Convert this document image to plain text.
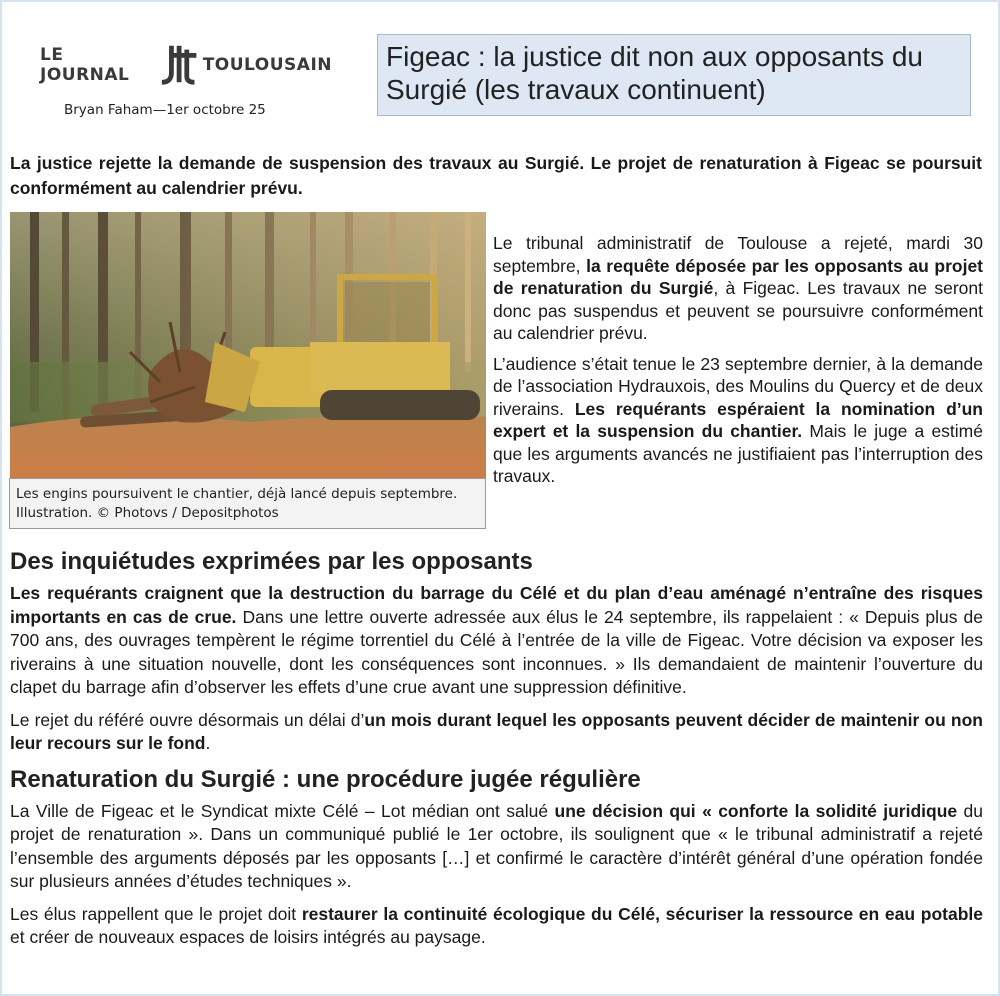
LE JOURNAL	TOULOUSAIN
Bryan Faham—1er octobre 25
Figeac : la justice dit non aux opposants du Surgié (les travaux continuent)
La justice rejette la demande de suspension des travaux au Surgié. Le projet de renaturation à Figeac se poursuit conformément au calendrier prévu.
Les engins poursuivent le chantier, déjà lancé depuis septembre.
Illustration. © Photovs / Depositphotos

Le tribunal administratif de Toulouse a rejeté, mardi 30 septembre, la requête déposée par les opposants au projet de renaturation du Surgié, à Figeac. Les travaux ne seront donc pas suspendus et peuvent se poursuivre conformément au calendrier prévu.

L’audience s’était tenue le 23 septembre dernier, à la demande de l’association Hydrauxois, des Moulins du Quercy et de deux riverains. Les requérants espéraient la nomination d’un expert et la suspension du chantier. Mais le juge a estimé que les arguments avancés ne justifiaient pas l’interruption des travaux.

Des inquiétudes exprimées par les opposants

Les requérants craignent que la destruction du barrage du Célé et du plan d’eau aménagé n’entraîne des risques importants en cas de crue. Dans une lettre ouverte adressée aux élus le 24 septembre, ils rappelaient : « Depuis plus de 700 ans, des ouvrages tempèrent le régime torrentiel du Célé à l’entrée de la ville de Figeac. Votre décision va exposer les riverains à une situation nouvelle, dont les conséquences sont inconnues. » Ils demandaient de maintenir l’ouverture du clapet du barrage afin d’observer les effets d’une crue avant une suppression définitive.

Le rejet du référé ouvre désormais un délai d’un mois durant lequel les opposants peuvent décider de maintenir ou non leur recours sur le fond.

Renaturation du Surgié : une procédure jugée régulière

La Ville de Figeac et le Syndicat mixte Célé – Lot médian ont salué une décision qui « conforte la solidité juridique du projet de renaturation ». Dans un communiqué publié le 1er octobre, ils soulignent que « le tribunal administratif a rejeté l’ensemble des arguments déposés par les opposants […] et confirmé le caractère d’intérêt général d’une opération fondée sur plusieurs années d’études techniques ».

Les élus rappellent que le projet doit restaurer la continuité écologique du Célé, sécuriser la ressource en eau potable et créer de nouveaux espaces de loisirs intégrés au paysage.
